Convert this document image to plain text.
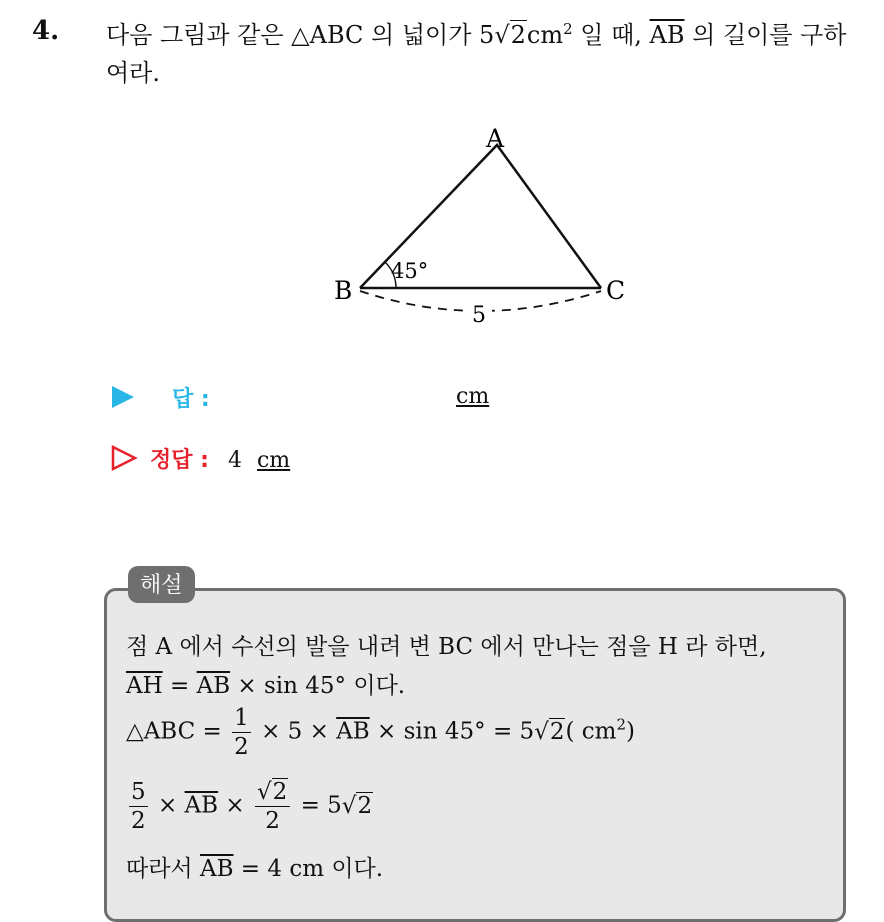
4. 다음 그림과 같은 △ABC 의 넓이가 $5√2cm^2$ 일 때, $\overline{AB}$ 의 길이를 구하여라.
A
B	C
45°
5
답 :	cm
정답 : 4 cm
해설
점 A 에서 수선의 발을 내려 변 BC 에서 만나는 점을 H 라 하면,
$\overline{AH} = \overline{AB} \times \sin 45^\circ$ 이다.
△ABC = $\frac{1}{2} \times 5 \times \overline{AB} \times \sin 45^\circ = 5√2$( $cm^2$)
$\frac{5}{2} \times \overline{AB} \times \frac{√2}{2} = 5√2$
따라서 $\overline{AB} = 4$ cm 이다.
